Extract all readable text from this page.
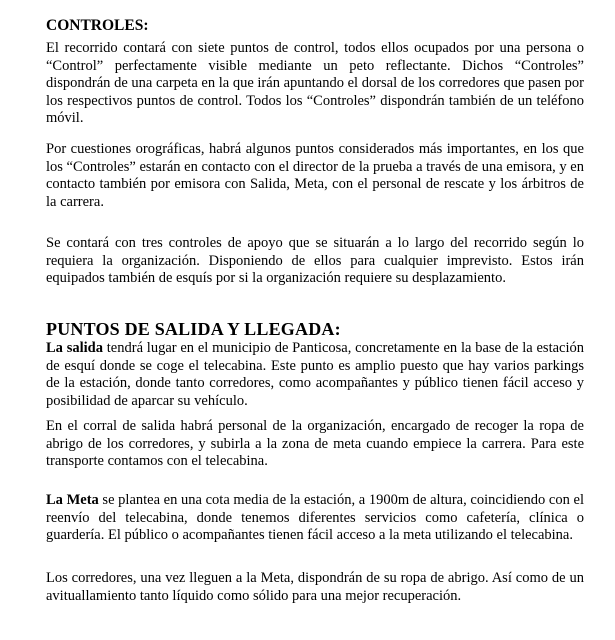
CONTROLES:

El recorrido contará con siete puntos de control, todos ellos ocupados por una persona o “Control” perfectamente visible mediante un peto reflectante. Dichos “Controles” dispondrán de una carpeta en la que irán apuntando el dorsal de los corredores que pasen por los respectivos puntos de control. Todos los “Controles” dispondrán también de un teléfono móvil.

Por cuestiones orográficas, habrá algunos puntos considerados más importantes, en los que los “Controles” estarán en contacto con el director de la prueba a través de una emisora, y en contacto también por emisora con Salida, Meta, con el personal de rescate y los árbitros de la carrera.

Se contará con tres controles de apoyo que se situarán a lo largo del recorrido según lo requiera la organización. Disponiendo de ellos para cualquier imprevisto. Estos irán equipados también de esquís por si la organización requiere su desplazamiento.

PUNTOS DE SALIDA Y LLEGADA:

La salida tendrá lugar en el municipio de Panticosa, concretamente en la base de la estación de esquí donde se coge el telecabina. Este punto es amplio puesto que hay varios parkings de la estación, donde tanto corredores, como acompañantes y público tienen fácil acceso y posibilidad de aparcar su vehículo.

En el corral de salida habrá personal de la organización, encargado de recoger la ropa de abrigo de los corredores, y subirla a la zona de meta cuando empiece la carrera. Para este transporte contamos con el telecabina.

La Meta se plantea en una cota media de la estación, a 1900m de altura, coincidiendo con el reenvío del telecabina, donde tenemos diferentes servicios como cafetería, clínica o guardería. El público o acompañantes tienen fácil acceso a la meta utilizando el telecabina.

Los corredores, una vez lleguen a la Meta, dispondrán de su ropa de abrigo. Así como de un avituallamiento tanto líquido como sólido para una mejor recuperación.
